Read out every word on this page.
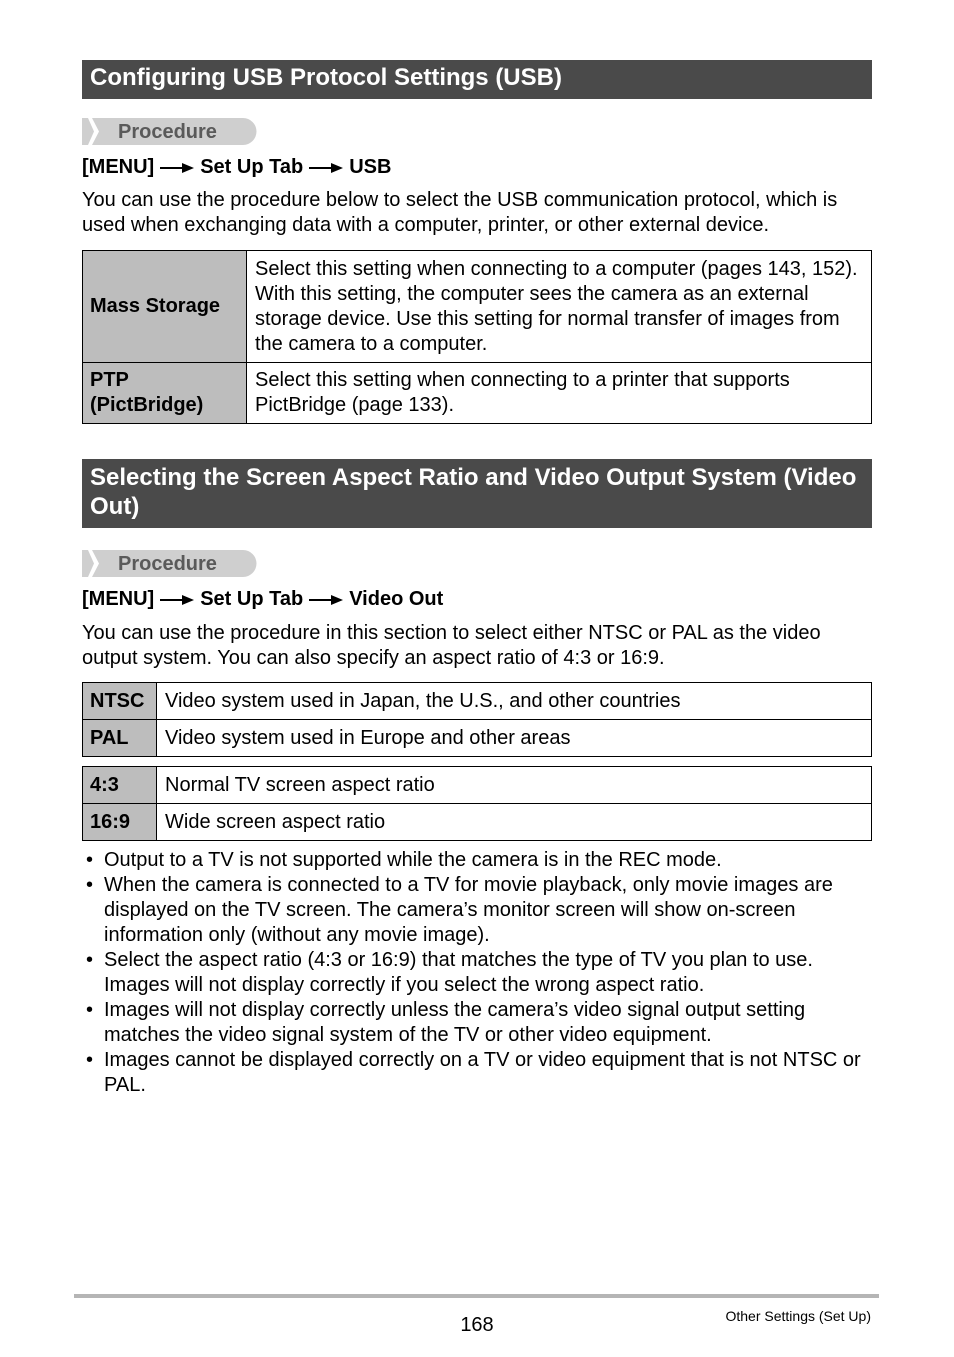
Configuring USB Protocol Settings (USB)
Procedure
[MENU] Set Up Tab USB

You can use the procedure below to select the USB communication protocol, which is used when exchanging data with a computer, printer, or other external device.

Mass Storage	Select this setting when connecting to a computer (pages 143, 152). With this setting, the computer sees the camera as an external storage device. Use this setting for normal transfer of images from the camera to a computer.
PTP (PictBridge)	Select this setting when connecting to a printer that supports PictBridge (page 133).
Selecting the Screen Aspect Ratio and Video Output System (Video Out)
Procedure
[MENU] Set Up Tab Video Out

You can use the procedure in this section to select either NTSC or PAL as the video output system. You can also specify an aspect ratio of 4:3 or 16:9.

NTSC	Video system used in Japan, the U.S., and other countries
PAL	Video system used in Europe and other areas
4:3	Normal TV screen aspect ratio
16:9	Wide screen aspect ratio
• Output to a TV is not supported while the camera is in the REC mode.
• When the camera is connected to a TV for movie playback, only movie images are displayed on the TV screen. The camera’s monitor screen will show on-screen information only (without any movie image).
• Select the aspect ratio (4:3 or 16:9) that matches the type of TV you plan to use. Images will not display correctly if you select the wrong aspect ratio.
• Images will not display correctly unless the camera’s video signal output setting matches the video signal system of the TV or other video equipment.
• Images cannot be displayed correctly on a TV or video equipment that is not NTSC or PAL.
168	Other Settings (Set Up)
